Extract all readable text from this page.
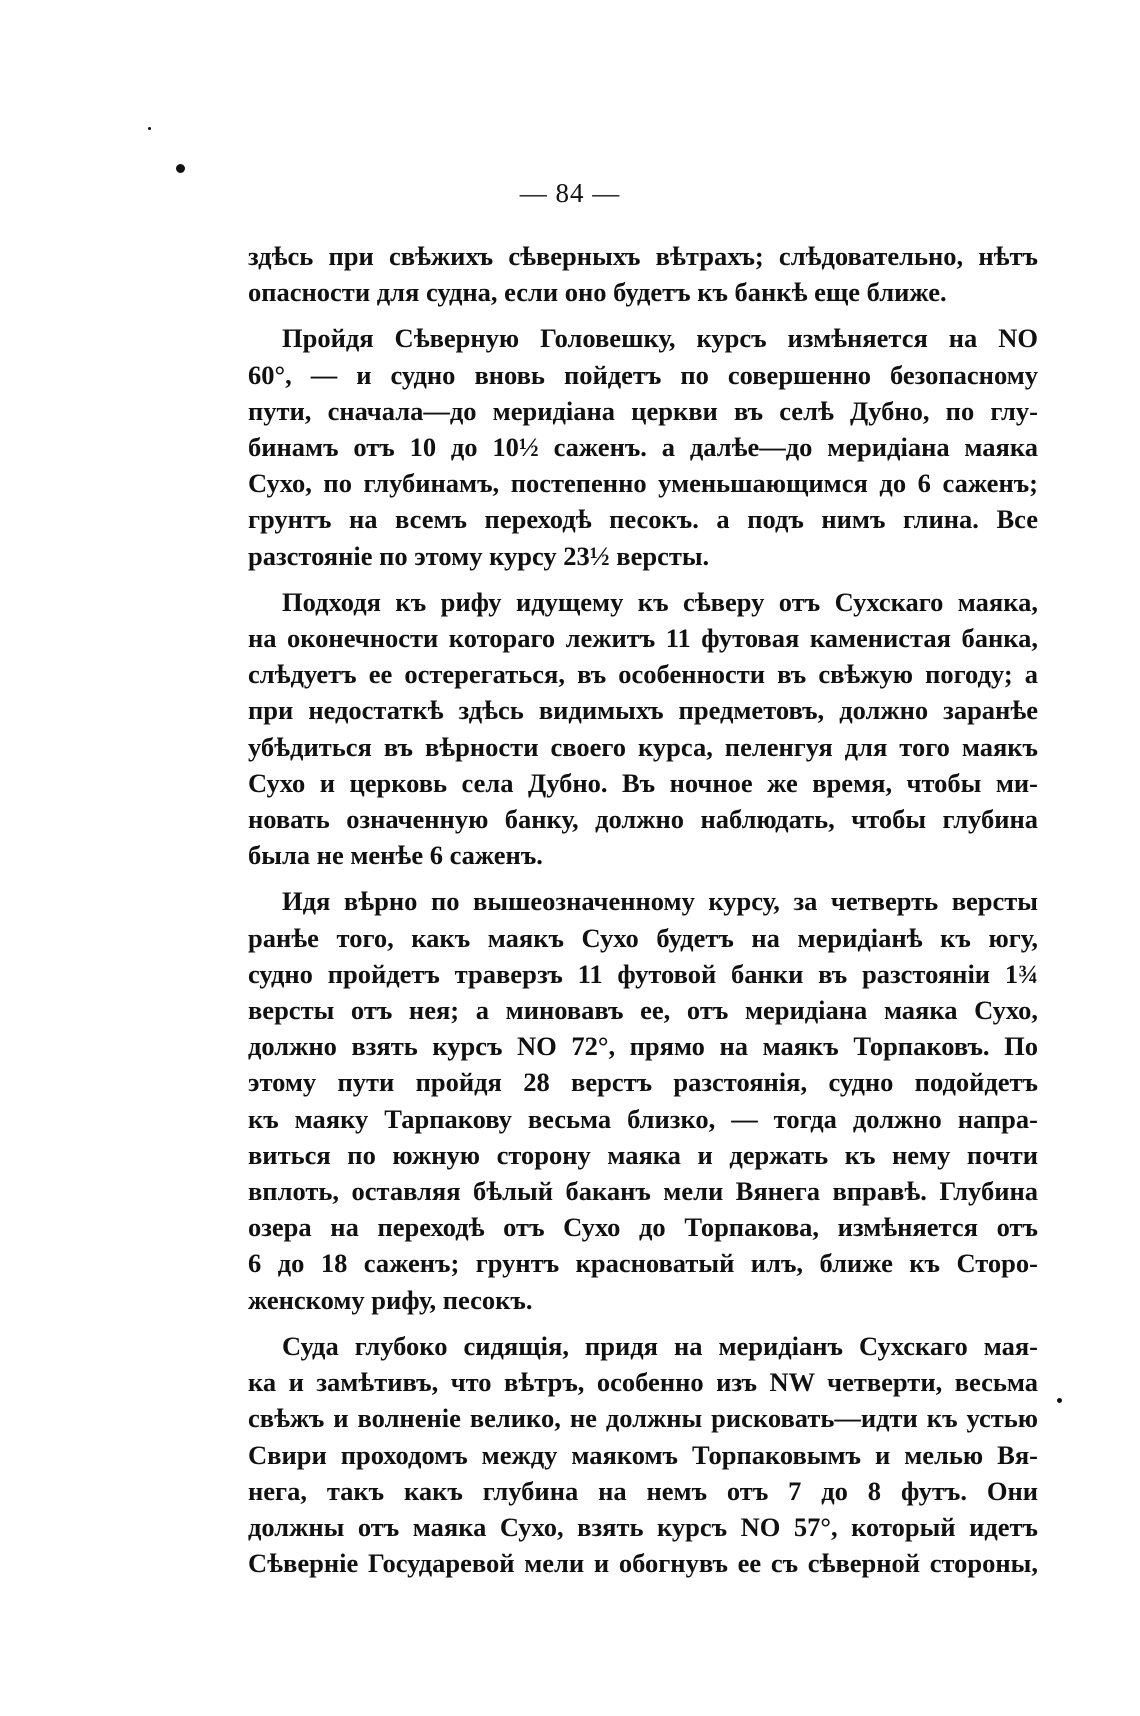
— 84 —

здѣсь при свѣжихъ сѣверныхъ вѣтрахъ; слѣдовательно, нѣтъ
опасности для судна, если оно будетъ къ банкѣ еще ближе.

Пройдя Сѣверную Головешку, курсъ измѣняется на NO
60°, — и судно вновь пойдетъ по совершенно безопасному
пути, сначала—до меридіана церкви въ селѣ Дубно, по глу-
бинамъ отъ 10 до 10½ саженъ. а далѣе—до меридіана маяка
Сухо, по глубинамъ, постепенно уменьшающимся до 6 саженъ;
грунтъ на всемъ переходѣ песокъ. а подъ нимъ глина. Все
разстояніе по этому курсу 23½ версты.

Подходя къ рифу идущему къ сѣверу отъ Сухскаго маяка,
на оконечности котораго лежитъ 11 футовая каменистая банка,
слѣдуетъ ее остерегаться, въ особенности въ свѣжую погоду; а
при недостаткѣ здѣсь видимыхъ предметовъ, должно заранѣе
убѣдиться въ вѣрности своего курса, пеленгуя для того маякъ
Сухо и церковь села Дубно. Въ ночное же время, чтобы ми-
новать означенную банку, должно наблюдать, чтобы глубина
была не менѣе 6 саженъ.

Идя вѣрно по вышеозначенному курсу, за четверть версты
ранѣе того, какъ маякъ Сухо будетъ на меридіанѣ къ югу,
судно пройдетъ траверзъ 11 футовой банки въ разстояніи 1¾
версты отъ нея; а миновавъ ее, отъ меридіана маяка Сухо,
должно взять курсъ NO 72°, прямо на маякъ Торпаковъ. По
этому пути пройдя 28 верстъ разстоянія, судно подойдетъ
къ маяку Тарпакову весьма близко, — тогда должно напра-
виться по южную сторону маяка и держать къ нему почти
вплоть, оставляя бѣлый баканъ мели Вянега вправѣ. Глубина
озера на переходѣ отъ Сухо до Торпакова, измѣняется отъ
6 до 18 саженъ; грунтъ красноватый илъ, ближе къ Сторо-
женскому рифу, песокъ.

Суда глубоко сидящія, придя на меридіанъ Сухскаго мая-
ка и замѣтивъ, что вѣтръ, особенно изъ NW четверти, весьма
свѣжъ и волненіе велико, не должны рисковать—идти къ устью
Свири проходомъ между маякомъ Торпаковымъ и мелью Вя-
нега, такъ какъ глубина на немъ отъ 7 до 8 футъ. Они
должны отъ маяка Сухо, взять курсъ NO 57°, который идетъ
Сѣверніе Государевой мели и обогнувъ ее съ сѣверной стороны,
